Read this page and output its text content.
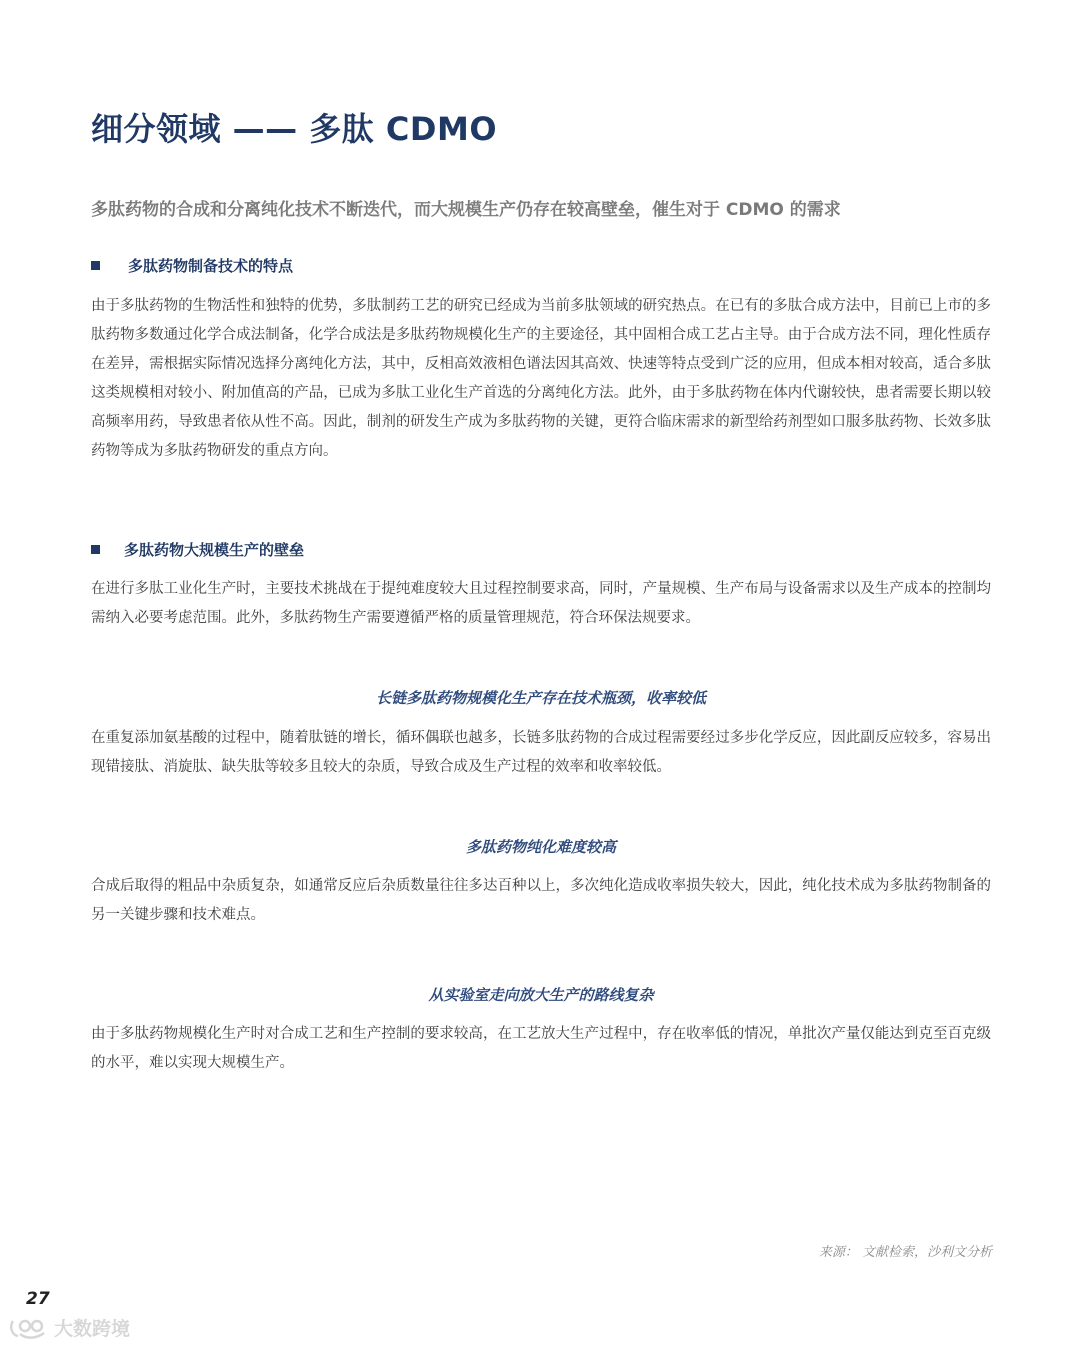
细分领域 —— 多肽 CDMO
多肽药物的合成和分离纯化技术不断迭代，而大规模生产仍存在较高壁垒，催生对于 CDMO 的需求
多肽药物制备技术的特点
由于多肽药物的生物活性和独特的优势，多肽制药工艺的研究已经成为当前多肽领域的研究热点。在已有的多肽合成方法中，目前已上市的多肽药物多数通过化学合成法制备，化学合成法是多肽药物规模化生产的主要途径，其中固相合成工艺占主导。由于合成方法不同，理化性质存在差异，需根据实际情况选择分离纯化方法，其中，反相高效液相色谱法因其高效、快速等特点受到广泛的应用，但成本相对较高，适合多肽这类规模相对较小、附加值高的产品，已成为多肽工业化生产首选的分离纯化方法。此外，由于多肽药物在体内代谢较快，患者需要长期以较高频率用药，导致患者依从性不高。因此，制剂的研发生产成为多肽药物的关键，更符合临床需求的新型给药剂型如口服多肽药物、长效多肽药物等成为多肽药物研发的重点方向。
多肽药物大规模生产的壁垒
在进行多肽工业化生产时，主要技术挑战在于提纯难度较大且过程控制要求高，同时，产量规模、生产布局与设备需求以及生产成本的控制均需纳入必要考虑范围。此外，多肽药物生产需要遵循严格的质量管理规范，符合环保法规要求。
长链多肽药物规模化生产存在技术瓶颈，收率较低
在重复添加氨基酸的过程中，随着肽链的增长，循环偶联也越多，长链多肽药物的合成过程需要经过多步化学反应，因此副反应较多，容易出现错接肽、消旋肽、缺失肽等较多且较大的杂质，导致合成及生产过程的效率和收率较低。
多肽药物纯化难度较高
合成后取得的粗品中杂质复杂，如通常反应后杂质数量往往多达百种以上，多次纯化造成收率损失较大，因此，纯化技术成为多肽药物制备的另一关键步骤和技术难点。
从实验室走向放大生产的路线复杂
由于多肽药物规模化生产时对合成工艺和生产控制的要求较高，在工艺放大生产过程中，存在收率低的情况，单批次产量仅能达到克至百克级的水平，难以实现大规模生产。
来源： 文献检索，沙利文分析
27
大数跨境
